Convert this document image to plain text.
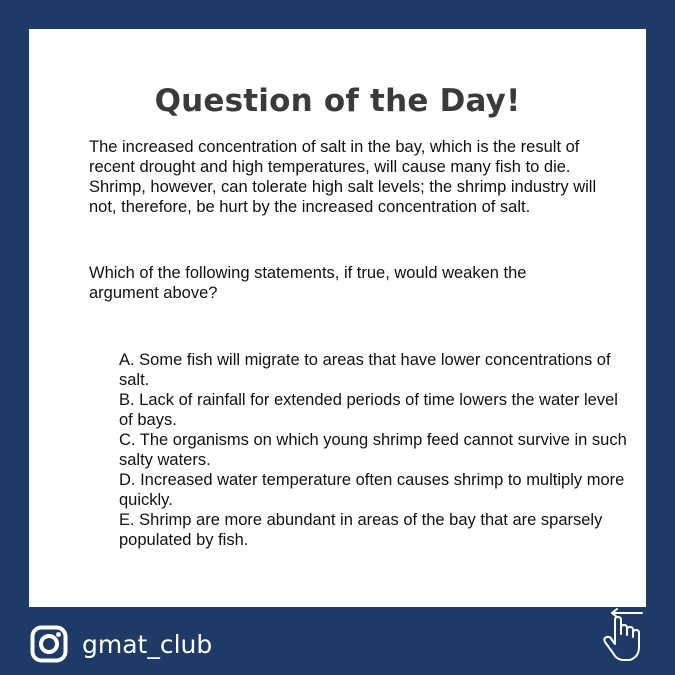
Question of the Day!

The increased concentration of salt in the bay, which is the result of recent drought and high temperatures, will cause many fish to die. Shrimp, however, can tolerate high salt levels; the shrimp industry will not, therefore, be hurt by the increased concentration of salt.

Which of the following statements, if true, would weaken the argument above?

A. Some fish will migrate to areas that have lower concentrations of salt.
B. Lack of rainfall for extended periods of time lowers the water level of bays.
C. The organisms on which young shrimp feed cannot survive in such salty waters.
D. Increased water temperature often causes shrimp to multiply more quickly.
E. Shrimp are more abundant in areas of the bay that are sparsely populated by fish.
gmat_club
